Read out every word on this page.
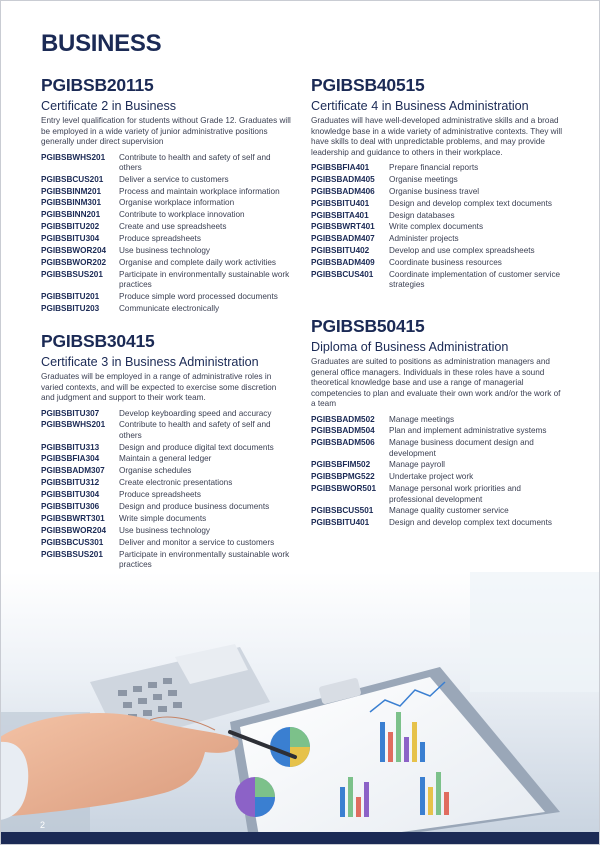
BUSINESS
PGIBSB20115
Certificate 2 in Business

Entry level qualification for students without Grade 12. Graduates will be employed in a wide variety of junior administrative positions generally under direct supervision

PGIBSBWHS201	Contribute to health and safety of self and others
PGIBSBCUS201	Deliver a service to customers
PGIBSBINM201	Process and maintain workplace information
PGIBSBINM301	Organise workplace information
PGIBSBINN201	Contribute to workplace innovation
PGIBSBITU202	Create and use spreadsheets
PGIBSBITU304	Produce spreadsheets
PGIBSBWOR204	Use business technology
PGIBSBWOR202	Organise and complete daily work activities
PGIBSBSUS201	Participate in environmentally sustainable work practices
PGIBSBITU201	Produce simple word processed documents
PGIBSBITU203	Communicate electronically
PGIBSB30415
Certificate 3 in Business Administration

Graduates will be employed in a range of administrative roles in varied contexts, and will be expected to exercise some discretion and judgment and support to their work team.

PGIBSBITU307	Develop keyboarding speed and accuracy
PGIBSBWHS201	Contribute to health and safety of self and others
PGIBSBITU313	Design and produce digital text documents
PGIBSBFIA304	Maintain a general ledger
PGIBSBADM307	Organise schedules
PGIBSBITU312	Create electronic presentations
PGIBSBITU304	Produce spreadsheets
PGIBSBITU306	Design and produce business documents
PGIBSBWRT301	Write simple documents
PGIBSBWOR204	Use business technology
PGIBSBCUS301	Deliver and monitor a service to customers
PGIBSBSUS201	Participate in environmentally sustainable work practices
PGIBSB40515
Certificate 4 in Business Administration

Graduates will have well-developed administrative skills and a broad knowledge base in a wide variety of administrative contexts. They will have skills to deal with unpredictable problems, and may provide leadership and guidance to others in their workplace.

PGIBSBFIA401	Prepare financial reports
PGIBSBADM405	Organise meetings
PGIBSBADM406	Organise business travel
PGIBSBITU401	Design and develop complex text documents
PGIBSBITA401	Design databases
PGIBSBWRT401	Write complex documents
PGIBSBADM407	Administer projects
PGIBSBITU402	Develop and use complex spreadsheets
PGIBSBADM409	Coordinate business resources
PGIBSBCUS401	Coordinate implementation of customer service strategies
PGIBSB50415
Diploma of Business Administration

Graduates are suited to positions as administration managers and general office managers. Individuals in these roles have a sound theoretical knowledge base and use a range of managerial competencies to plan and evaluate their own work and/or the work of a team

PGIBSBADM502	Manage meetings
PGIBSBADM504	Plan and implement administrative systems
PGIBSBADM506	Manage business document design and development
PGIBSBFIM502	Manage payroll
PGIBSBPMG522	Undertake project work
PGIBSBWOR501	Manage personal work priorities and professional development
PGIBSBCUS501	Manage quality customer service
PGIBSBITU401	Design and develop complex text documents
2
